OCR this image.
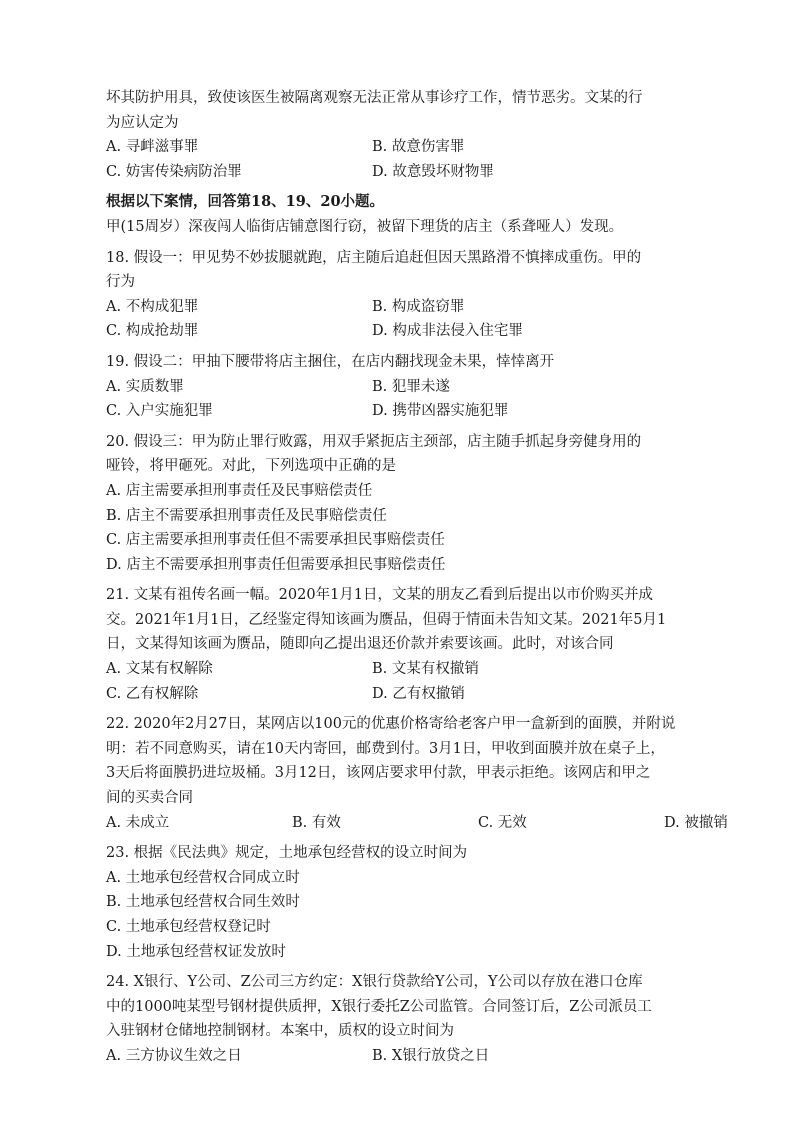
坏其防护用具，致使该医生被隔离观察无法正常从事诊疗工作，情节恶劣。文某的行
为应认定为
A. 寻衅滋事罪	B. 故意伤害罪
C. 妨害传染病防治罪	D. 故意毁坏财物罪
根据以下案情，回答第18、19、20小题。
甲(15周岁）深夜闯人临街店铺意图行窃，被留下理货的店主（系聋哑人）发现。
18. 假设一：甲见势不妙拔腿就跑，店主随后追赶但因天黑路滑不慎摔成重伤。甲的
行为
A. 不构成犯罪	B. 构成盗窃罪
C. 构成抢劫罪	D. 构成非法侵入住宅罪
19. 假设二：甲抽下腰带将店主捆住，在店内翻找现金未果，悻悻离开
A. 实质数罪	B. 犯罪未遂
C. 入户实施犯罪	D. 携带凶器实施犯罪
20. 假设三：甲为防止罪行败露，用双手紧扼店主颈部，店主随手抓起身旁健身用的
哑铃，将甲砸死。对此，下列选项中正确的是
A. 店主需要承担刑事责任及民事赔偿责任
B. 店主不需要承担刑事责任及民事赔偿责任
C. 店主需要承担刑事责任但不需要承担民事赔偿责任
D. 店主不需要承担刑事责任但需要承担民事赔偿责任
21. 文某有祖传名画一幅。2020年1月1日，文某的朋友乙看到后提出以市价购买并成
交。2021年1月1日，乙经鉴定得知该画为赝品，但碍于情面未告知文某。2021年5月1
日，文某得知该画为赝品，随即向乙提出退还价款并索要该画。此时，对该合同
A. 文某有权解除	B. 文某有权撤销
C. 乙有权解除	D. 乙有权撤销
22. 2020年2月27日，某网店以100元的优惠价格寄给老客户甲一盒新到的面膜，并附说
明：若不同意购买，请在10天内寄回，邮费到付。3月1日，甲收到面膜并放在桌子上，
3天后将面膜扔进垃圾桶。3月12日，该网店要求甲付款，甲表示拒绝。该网店和甲之
间的买卖合同
A. 未成立	B. 有效	C. 无效	D. 被撤销
23. 根据《民法典》规定，土地承包经营权的设立时间为
A. 土地承包经营权合同成立时
B. 土地承包经营权合同生效时
C. 土地承包经营权登记时
D. 土地承包经营权证发放时
24. X银行、Y公司、Z公司三方约定：X银行贷款给Y公司，Y公司以存放在港口仓库
中的1000吨某型号钢材提供质押，X银行委托Z公司监管。合同签订后，Z公司派员工
入驻钢材仓储地控制钢材。本案中，质权的设立时间为
A. 三方协议生效之日	B. X银行放贷之日
